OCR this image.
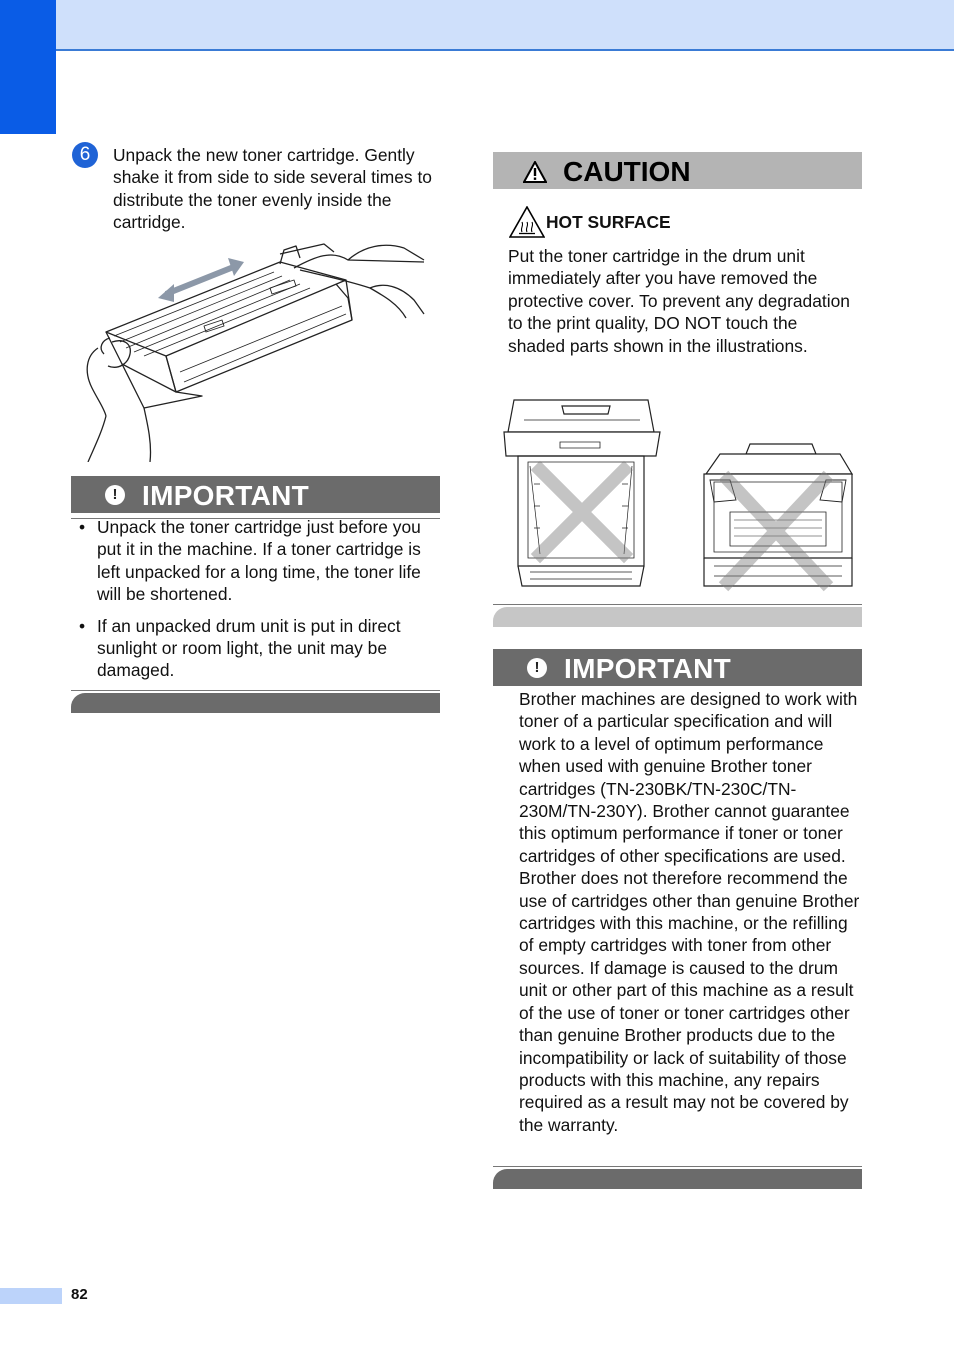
6	Unpack the new toner cartridge. Gently shake it from side to side several times to distribute the toner evenly inside the cartridge.
! IMPORTANT
• Unpack the toner cartridge just before you put it in the machine. If a toner cartridge is left unpacked for a long time, the toner life will be shortened.
• If an unpacked drum unit is put in direct sunlight or room light, the unit may be damaged.
CAUTION
HOT SURFACE
Put the toner cartridge in the drum unit immediately after you have removed the protective cover. To prevent any degradation to the print quality, DO NOT touch the shaded parts shown in the illustrations.
! IMPORTANT
Brother machines are designed to work with toner of a particular specification and will work to a level of optimum performance when used with genuine Brother toner cartridges (TN-230BK/TN-230C/TN-230M/TN-230Y). Brother cannot guarantee this optimum performance if toner or toner cartridges of other specifications are used. Brother does not therefore recommend the use of cartridges other than genuine Brother cartridges with this machine, or the refilling of empty cartridges with toner from other sources. If damage is caused to the drum unit or other part of this machine as a result of the use of toner or toner cartridges other than genuine Brother products due to the incompatibility or lack of suitability of those products with this machine, any repairs required as a result may not be covered by the warranty.
82
